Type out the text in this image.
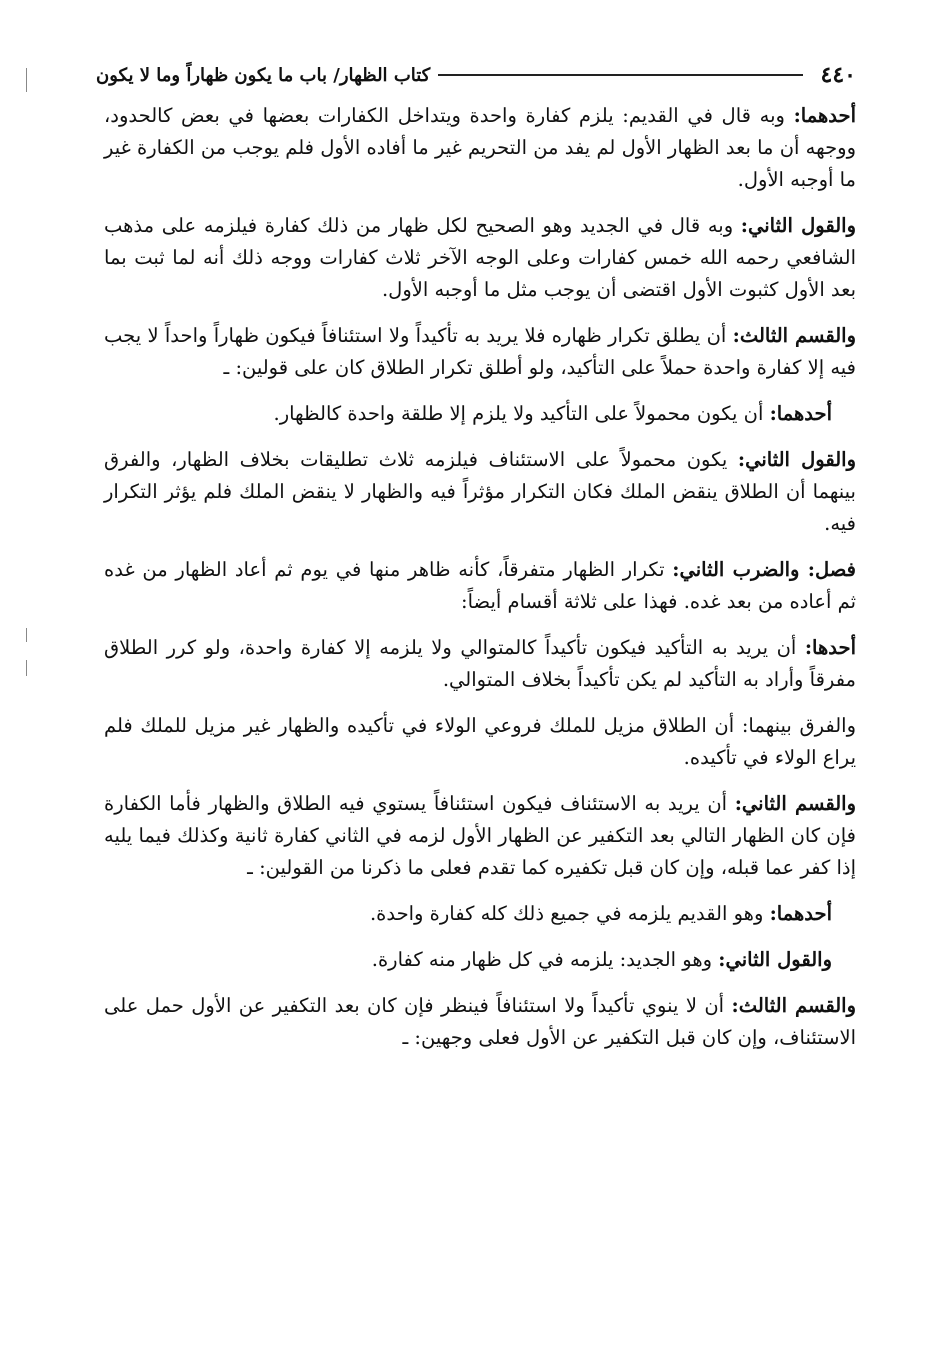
٤٤٠
كتاب الظهار/ باب ما يكون ظهاراً وما لا يكون

أحدهما: وبه قال في القديم: يلزم كفارة واحدة ويتداخل الكفارات بعضها في بعض كالحدود، ووجهه أن ما بعد الظهار الأول لم يفد من التحريم غير ما أفاده الأول فلم يوجب من الكفارة غير ما أوجبه الأول.

والقول الثاني: وبه قال في الجديد وهو الصحيح لكل ظهار من ذلك كفارة فيلزمه على مذهب الشافعي رحمه الله خمس كفارات وعلى الوجه الآخر ثلاث كفارات ووجه ذلك أنه لما ثبت بما بعد الأول كثبوت الأول اقتضى أن يوجب مثل ما أوجبه الأول.

والقسم الثالث: أن يطلق تكرار ظهاره فلا يريد به تأكيداً ولا استئنافاً فيكون ظهاراً واحداً لا يجب فيه إلا كفارة واحدة حملاً على التأكيد، ولو أطلق تكرار الطلاق كان على قولين: ـ

أحدهما: أن يكون محمولاً على التأكيد ولا يلزم إلا طلقة واحدة كالظهار.

والقول الثاني: يكون محمولاً على الاستئناف فيلزمه ثلاث تطليقات بخلاف الظهار، والفرق بينهما أن الطلاق ينقض الملك فكان التكرار مؤثراً فيه والظهار لا ينقض الملك فلم يؤثر التكرار فيه.

فصل: والضرب الثاني: تكرار الظهار متفرقاً، كأنه ظاهر منها في يوم ثم أعاد الظهار من غده ثم أعاده من بعد غده. فهذا على ثلاثة أقسام أيضاً:

أحدها: أن يريد به التأكيد فيكون تأكيداً كالمتوالي ولا يلزمه إلا كفارة واحدة، ولو كرر الطلاق مفرقاً وأراد به التأكيد لم يكن تأكيداً بخلاف المتوالي.

والفرق بينهما: أن الطلاق مزيل للملك فروعي الولاء في تأكيده والظهار غير مزيل للملك فلم يراع الولاء في تأكيده.

والقسم الثاني: أن يريد به الاستئناف فيكون استئنافاً يستوي فيه الطلاق والظهار فأما الكفارة فإن كان الظهار التالي بعد التكفير عن الظهار الأول لزمه في الثاني كفارة ثانية وكذلك فيما يليه إذا كفر عما قبله، وإن كان قبل تكفيره كما تقدم فعلى ما ذكرنا من القولين: ـ

أحدهما: وهو القديم يلزمه في جميع ذلك كله كفارة واحدة.

والقول الثاني: وهو الجديد: يلزمه في كل ظهار منه كفارة.

والقسم الثالث: أن لا ينوي تأكيداً ولا استئنافاً فينظر فإن كان بعد التكفير عن الأول حمل على الاستئناف، وإن كان قبل التكفير عن الأول فعلى وجهين: ـ
